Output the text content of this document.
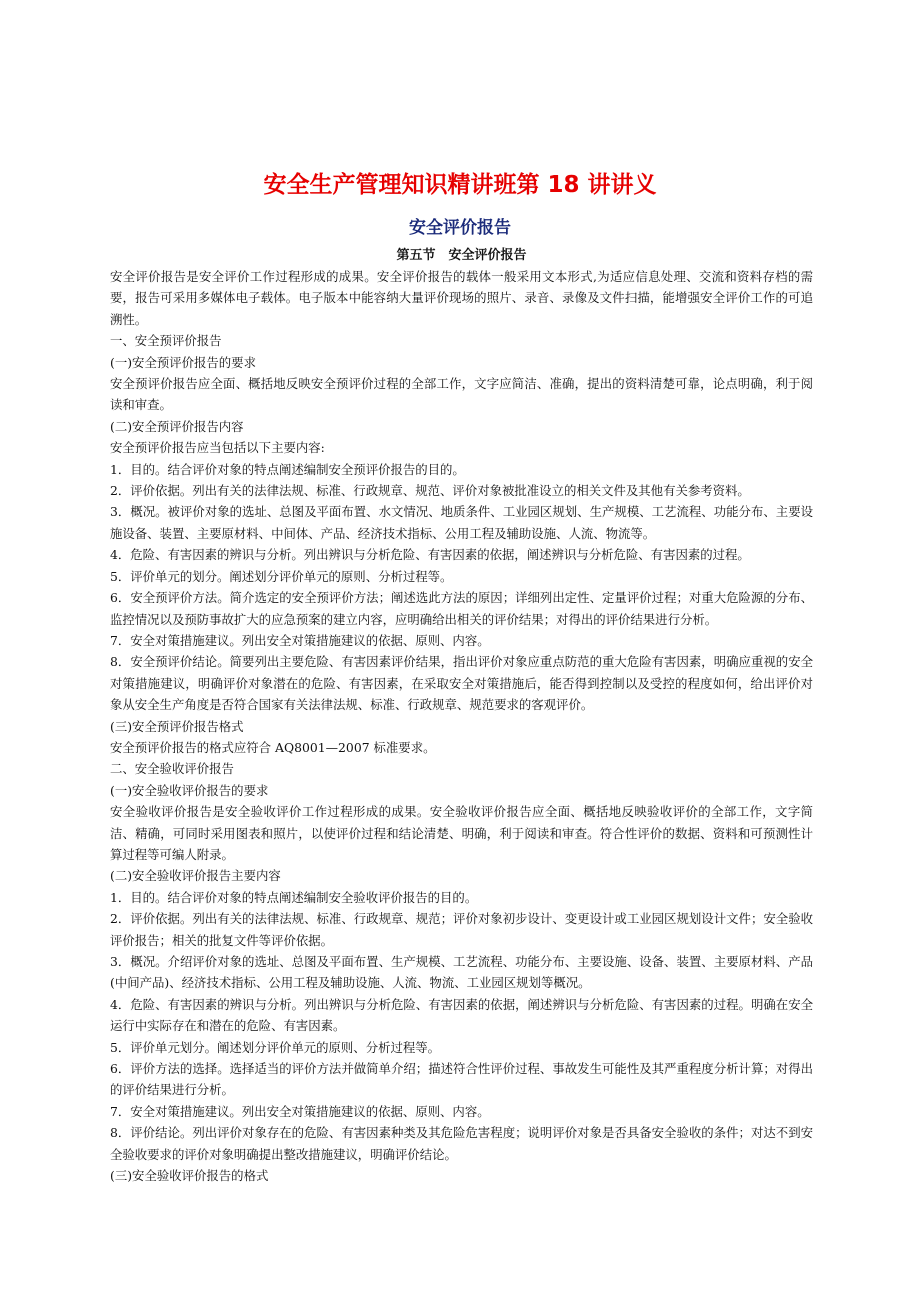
安全生产管理知识精讲班第 18 讲讲义
安全评价报告
第五节　安全评价报告

安全评价报告是安全评价工作过程形成的成果。安全评价报告的载体一般采用文本形式,为适应信息处理、交流和资料存档的需要，报告可采用多媒体电子载体。电子版本中能容纳大量评价现场的照片、录音、录像及文件扫描，能增强安全评价工作的可追溯性。

一、安全预评价报告

(一)安全预评价报告的要求

安全预评价报告应全面、概括地反映安全预评价过程的全部工作，文字应简洁、准确，提出的资料清楚可靠，论点明确，利于阅读和审查。

(二)安全预评价报告内容

安全预评价报告应当包括以下主要内容:

1．目的。结合评价对象的特点阐述编制安全预评价报告的目的。

2．评价依据。列出有关的法律法规、标准、行政规章、规范、评价对象被批准设立的相关文件及其他有关参考资料。

3．概况。被评价对象的选址、总图及平面布置、水文情况、地质条件、工业园区规划、生产规模、工艺流程、功能分布、主要设施设备、装置、主要原材料、中间体、产品、经济技术指标、公用工程及辅助设施、人流、物流等。

4．危险、有害因素的辨识与分析。列出辨识与分析危险、有害因素的依据，阐述辨识与分析危险、有害因素的过程。

5．评价单元的划分。阐述划分评价单元的原则、分析过程等。

6．安全预评价方法。简介选定的安全预评价方法；阐述选此方法的原因；详细列出定性、定量评价过程；对重大危险源的分布、监控情况以及预防事故扩大的应急预案的建立内容，应明确给出相关的评价结果；对得出的评价结果进行分析。

7．安全对策措施建议。列出安全对策措施建议的依据、原则、内容。

8．安全预评价结论。简要列出主要危险、有害因素评价结果，指出评价对象应重点防范的重大危险有害因素，明确应重视的安全对策措施建议，明确评价对象潜在的危险、有害因素，在采取安全对策措施后，能否得到控制以及受控的程度如何，给出评价对象从安全生产角度是否符合国家有关法律法规、标准、行政规章、规范要求的客观评价。

(三)安全预评价报告格式

安全预评价报告的格式应符合 AQ8001—2007 标准要求。

二、安全验收评价报告

(一)安全验收评价报告的要求

安全验收评价报告是安全验收评价工作过程形成的成果。安全验收评价报告应全面、概括地反映验收评价的全部工作，文字简洁、精确，可同时采用图表和照片，以使评价过程和结论清楚、明确，利于阅读和审查。符合性评价的数据、资料和可预测性计算过程等可编人附录。

(二)安全验收评价报告主要内容

1．目的。结合评价对象的特点阐述编制安全验收评价报告的目的。

2．评价依据。列出有关的法律法规、标准、行政规章、规范；评价对象初步设计、变更设计或工业园区规划设计文件；安全验收评价报告；相关的批复文件等评价依据。

3．概况。介绍评价对象的选址、总图及平面布置、生产规模、工艺流程、功能分布、主要设施、设备、装置、主要原材料、产品(中间产品)、经济技术指标、公用工程及辅助设施、人流、物流、工业园区规划等概况。

4．危险、有害因素的辨识与分析。列出辨识与分析危险、有害因素的依据，阐述辨识与分析危险、有害因素的过程。明确在安全运行中实际存在和潜在的危险、有害因素。

5．评价单元划分。阐述划分评价单元的原则、分析过程等。

6．评价方法的选择。选择适当的评价方法并做简单介绍；描述符合性评价过程、事故发生可能性及其严重程度分析计算；对得出的评价结果进行分析。

7．安全对策措施建议。列出安全对策措施建议的依据、原则、内容。

8．评价结论。列出评价对象存在的危险、有害因素种类及其危险危害程度；说明评价对象是否具备安全验收的条件；对达不到安全验收要求的评价对象明确提出整改措施建议，明确评价结论。

(三)安全验收评价报告的格式
